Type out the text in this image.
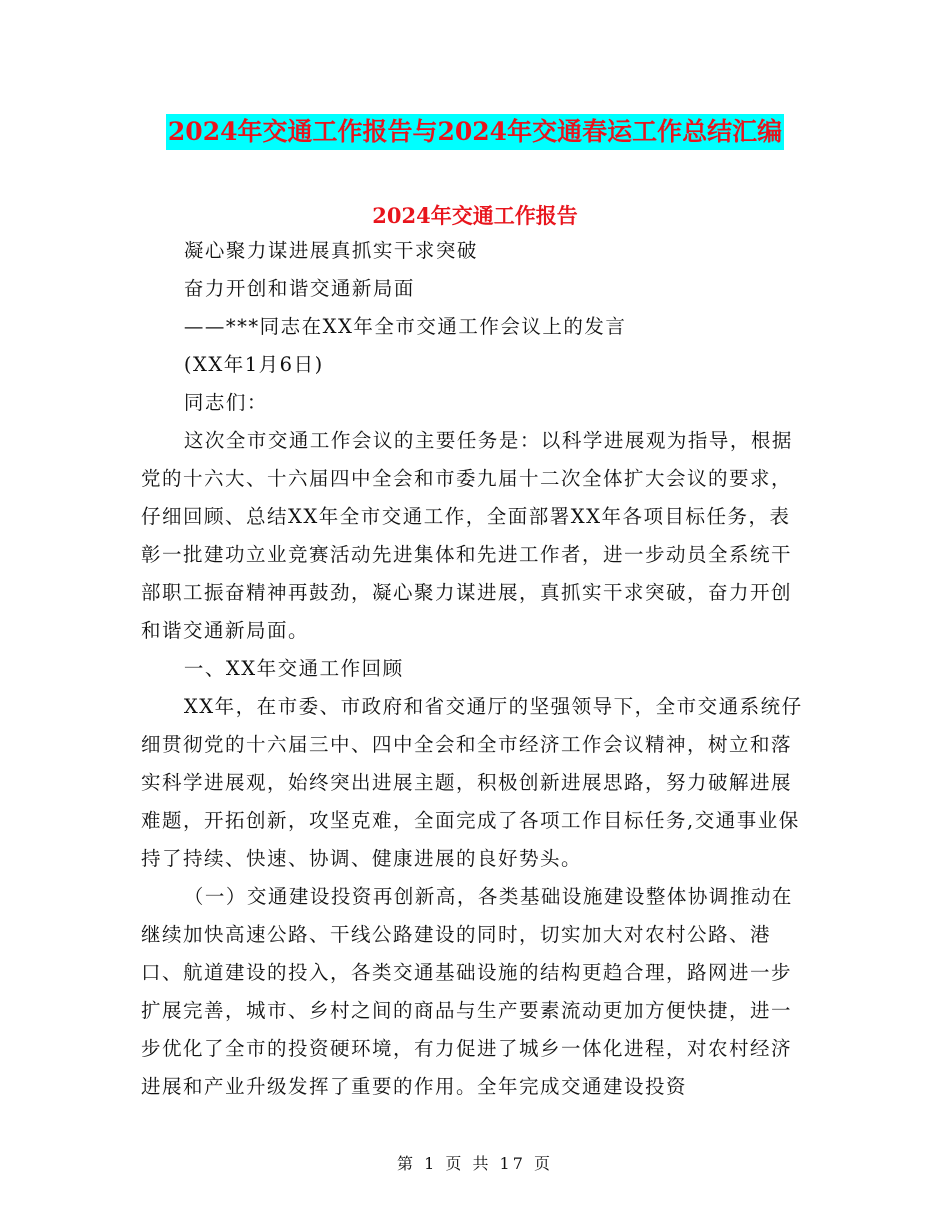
2024年交通工作报告与2024年交通春运工作总结汇编
2024年交通工作报告

凝心聚力谋进展真抓实干求突破

奋力开创和谐交通新局面

——***同志在XX年全市交通工作会议上的发言

(XX年1月6日)

同志们：

这次全市交通工作会议的主要任务是：以科学进展观为指导，根据党的十六大、十六届四中全会和市委九届十二次全体扩大会议的要求，仔细回顾、总结XX年全市交通工作，全面部署XX年各项目标任务，表彰一批建功立业竞赛活动先进集体和先进工作者，进一步动员全系统干部职工振奋精神再鼓劲，凝心聚力谋进展，真抓实干求突破，奋力开创和谐交通新局面。

一、XX年交通工作回顾

XX年，在市委、市政府和省交通厅的坚强领导下，全市交通系统仔细贯彻党的十六届三中、四中全会和全市经济工作会议精神，树立和落实科学进展观，始终突出进展主题，积极创新进展思路，努力破解进展难题，开拓创新，攻坚克难，全面完成了各项工作目标任务,交通事业保持了持续、快速、协调、健康进展的良好势头。

（一）交通建设投资再创新高，各类基础设施建设整体协调推动在继续加快高速公路、干线公路建设的同时，切实加大对农村公路、港口、航道建设的投入，各类交通基础设施的结构更趋合理，路网进一步扩展完善，城市、乡村之间的商品与生产要素流动更加方便快捷，进一步优化了全市的投资硬环境，有力促进了城乡一体化进程，对农村经济进展和产业升级发挥了重要的作用。全年完成交通建设投资

第 1 页 共 17 页
